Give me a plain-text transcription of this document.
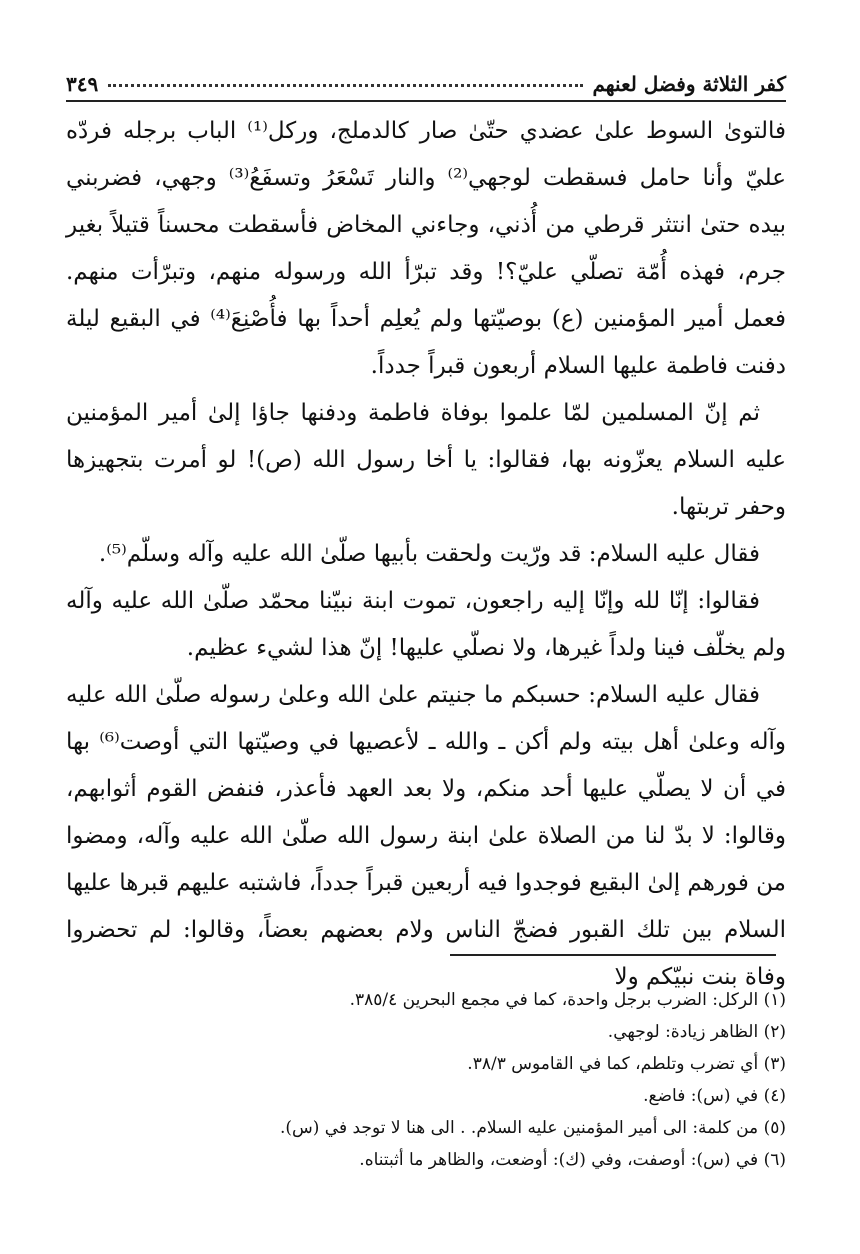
كفر الثلاثة وفضل لعنهم
٣٤٩

فالتوىٰ السوط علىٰ عضدي حتّىٰ صار كالدملج، وركل⁽¹⁾ الباب برجله فردّه عليّ وأنا حامل فسقطت لوجهي⁽²⁾ والنار تَسْعَرُ وتسفَعُ⁽³⁾ وجهي، فضربني بيده حتىٰ انتثر قرطي من أُذني، وجاءني المخاض فأسقطت محسناً قتيلاً بغير جرم، فهذه أُمّة تصلّي عليّ؟! وقد تبرّأ الله ورسوله منهم، وتبرّأت منهم. فعمل أمير المؤمنين (ع) بوصيّتها ولم يُعلِم أحداً بها فأُصْنِعَ⁽⁴⁾ في البقيع ليلة دفنت فاطمة عليها السلام أربعون قبراً جدداً.

ثم إنّ المسلمين لمّا علموا بوفاة فاطمة ودفنها جاؤا إلىٰ أمير المؤمنين عليه السلام يعزّونه بها، فقالوا: يا أخا رسول الله (ص)! لو أمرت بتجهيزها وحفر تربتها.

فقال عليه السلام: قد ورّيت ولحقت بأبيها صلّىٰ الله عليه وآله وسلّم⁽⁵⁾.

فقالوا: إنّا لله وإنّا إليه راجعون، تموت ابنة نبيّنا محمّد صلّىٰ الله عليه وآله ولم يخلّف فينا ولداً غيرها، ولا نصلّي عليها! إنّ هذا لشيء عظيم.

فقال عليه السلام: حسبكم ما جنيتم علىٰ الله وعلىٰ رسوله صلّىٰ الله عليه وآله وعلىٰ أهل بيته ولم أكن ـ والله ـ لأعصيها في وصيّتها التي أوصت⁽⁶⁾ بها في أن لا يصلّي عليها أحد منكم، ولا بعد العهد فأعذر، فنفض القوم أثوابهم، وقالوا: لا بدّ لنا من الصلاة علىٰ ابنة رسول الله صلّىٰ الله عليه وآله، ومضوا من فورهم إلىٰ البقيع فوجدوا فيه أربعين قبراً جدداً، فاشتبه عليهم قبرها عليها السلام بين تلك القبور فضجّ الناس ولام بعضهم بعضاً، وقالوا: لم تحضروا وفاة بنت نبيّكم ولا

(١) الركل: الضرب برجل واحدة، كما في مجمع البحرين ٣٨٥/٤.
(٢) الظاهر زيادة: لوجهي.
(٣) أي تضرب وتلطم، كما في القاموس ٣٨/٣.
(٤) في (س): فاضع.
(٥) من كلمة: الى أمير المؤمنين عليه السلام. . الى هنا لا توجد في (س).
(٦) في (س): أوصفت، وفي (ك): أوضعت، والظاهر ما أثبتناه.
